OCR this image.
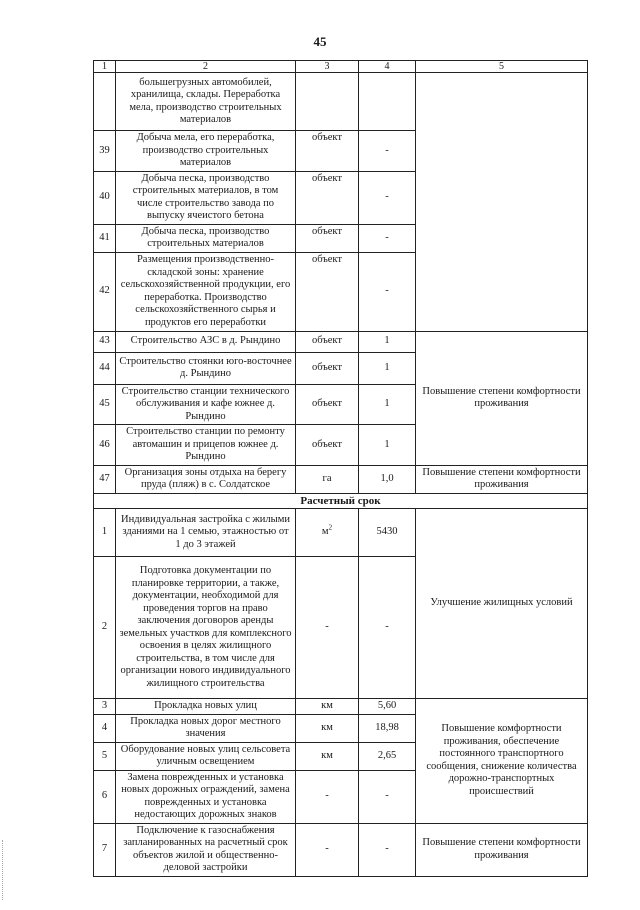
45
1	2	3	4	5
	большегрузных автомобилей, хранилища, склады. Переработка мела, производство строительных материалов			
39	Добыча мела, его переработка, производство строительных материалов	объект	-	
40	Добыча песка, производство строительных материалов, в том числе строительство завода по выпуску ячеистого бетона	объект	-	
41	Добыча песка, производство строительных материалов	объект	-	
42	Размещения производственно-складской зоны: хранение сельскохозяйственной продукции, его переработка. Производство сельскохозяйственного сырья и продуктов его переработки	объект	-	
43	Строительство АЗС в д. Рындино	объект	1	Повышение степени комфортности проживания
44	Строительство стоянки юго-восточнее д. Рындино	объект	1	
45	Строительство станции технического обслуживания и кафе южнее д. Рындино	объект	1	
46	Строительство станции по ремонту автомашин и прицепов южнее д. Рындино	объект	1	
47	Организация зоны отдыха на берегу пруда (пляж) в с. Солдатское	га	1,0	Повышение степени комфортности проживания
Расчетный срок				
1	Индивидуальная застройка с жилыми зданиями на 1 семью, этажностью от 1 до 3 этажей	$м^2$	5430	Улучшение жилищных условий
2	Подготовка документации по планировке территории, а также, документации, необходимой для проведения торгов на право заключения договоров аренды земельных участков для комплексного освоения в целях жилищного строительства, в том числе для организации нового индивидуального жилищного строительства	-	-	
3	Прокладка новых улиц	км	5,60	Повышение комфортности проживания, обеспечение постоянного транспортного сообщения, снижение количества дорожно-транспортных происшествий
4	Прокладка новых дорог местного значения	км	18,98	
5	Оборудование новых улиц сельсовета уличным освещением	км	2,65	
6	Замена поврежденных и установка новых дорожных ограждений, замена поврежденных и установка недостающих дорожных знаков	-	-	
7	Подключение к газоснабжения запланированных на расчетный срок объектов жилой и общественно-деловой застройки	-	-	Повышение степени комфортности проживания
